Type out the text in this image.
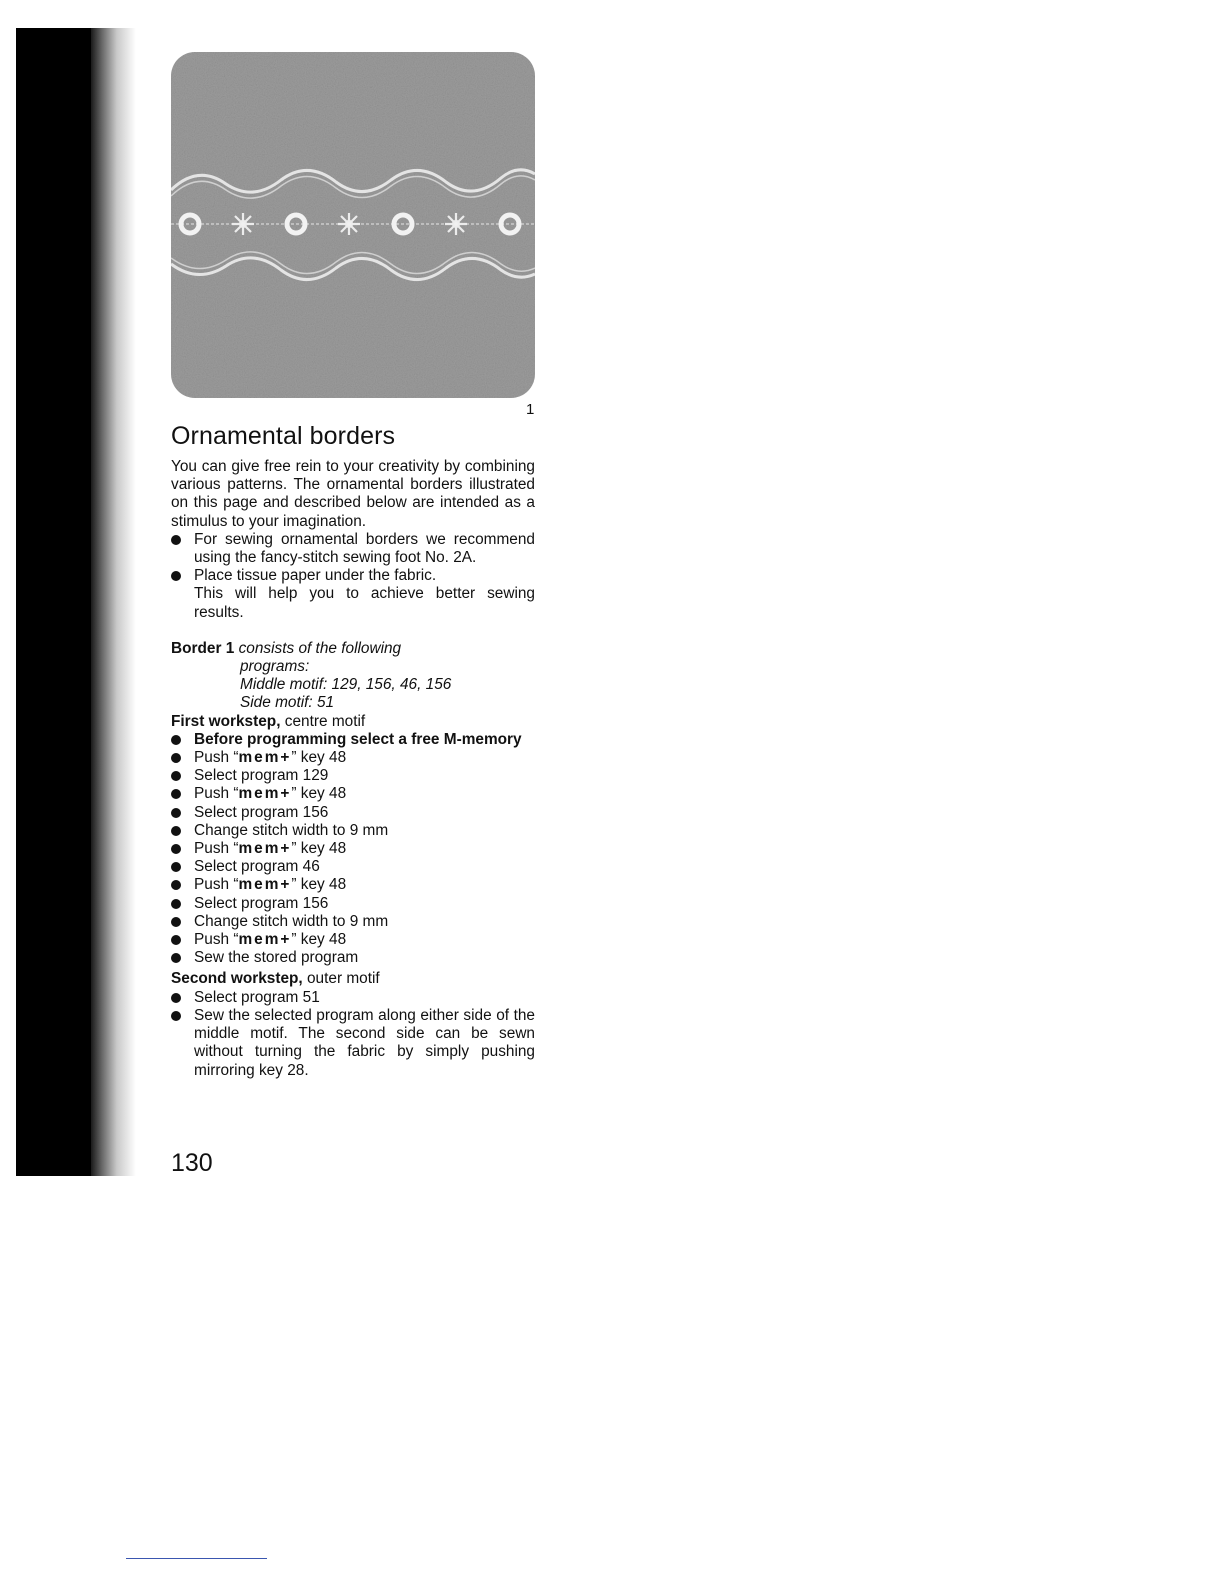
1
Ornamental borders

You can give free rein to your creativity by combining various patterns. The ornamental borders illustrated on this page and described below are intended as a stimulus to your imagination.

For sewing ornamental borders we recommend using the fancy-stitch sewing foot No. 2A.

Place tissue paper under the fabric.

This will help you to achieve better sewing results.

Border 1 consists of the following

programs:

Middle motif: 129, 156, 46, 156

Side motif: 51

First workstep, centre motif

Before programming select a free M-memory

Push “mem+” key 48

Select program 129

Push “mem+” key 48

Select program 156

Change stitch width to 9 mm

Push “mem+” key 48

Select program 46

Push “mem+” key 48

Select program 156

Change stitch width to 9 mm

Push “mem+” key 48

Sew the stored program

Second workstep, outer motif

Select program 51

Sew the selected program along either side of the middle motif. The second side can be sewn without turning the fabric by simply pushing mirroring key 28.

130
